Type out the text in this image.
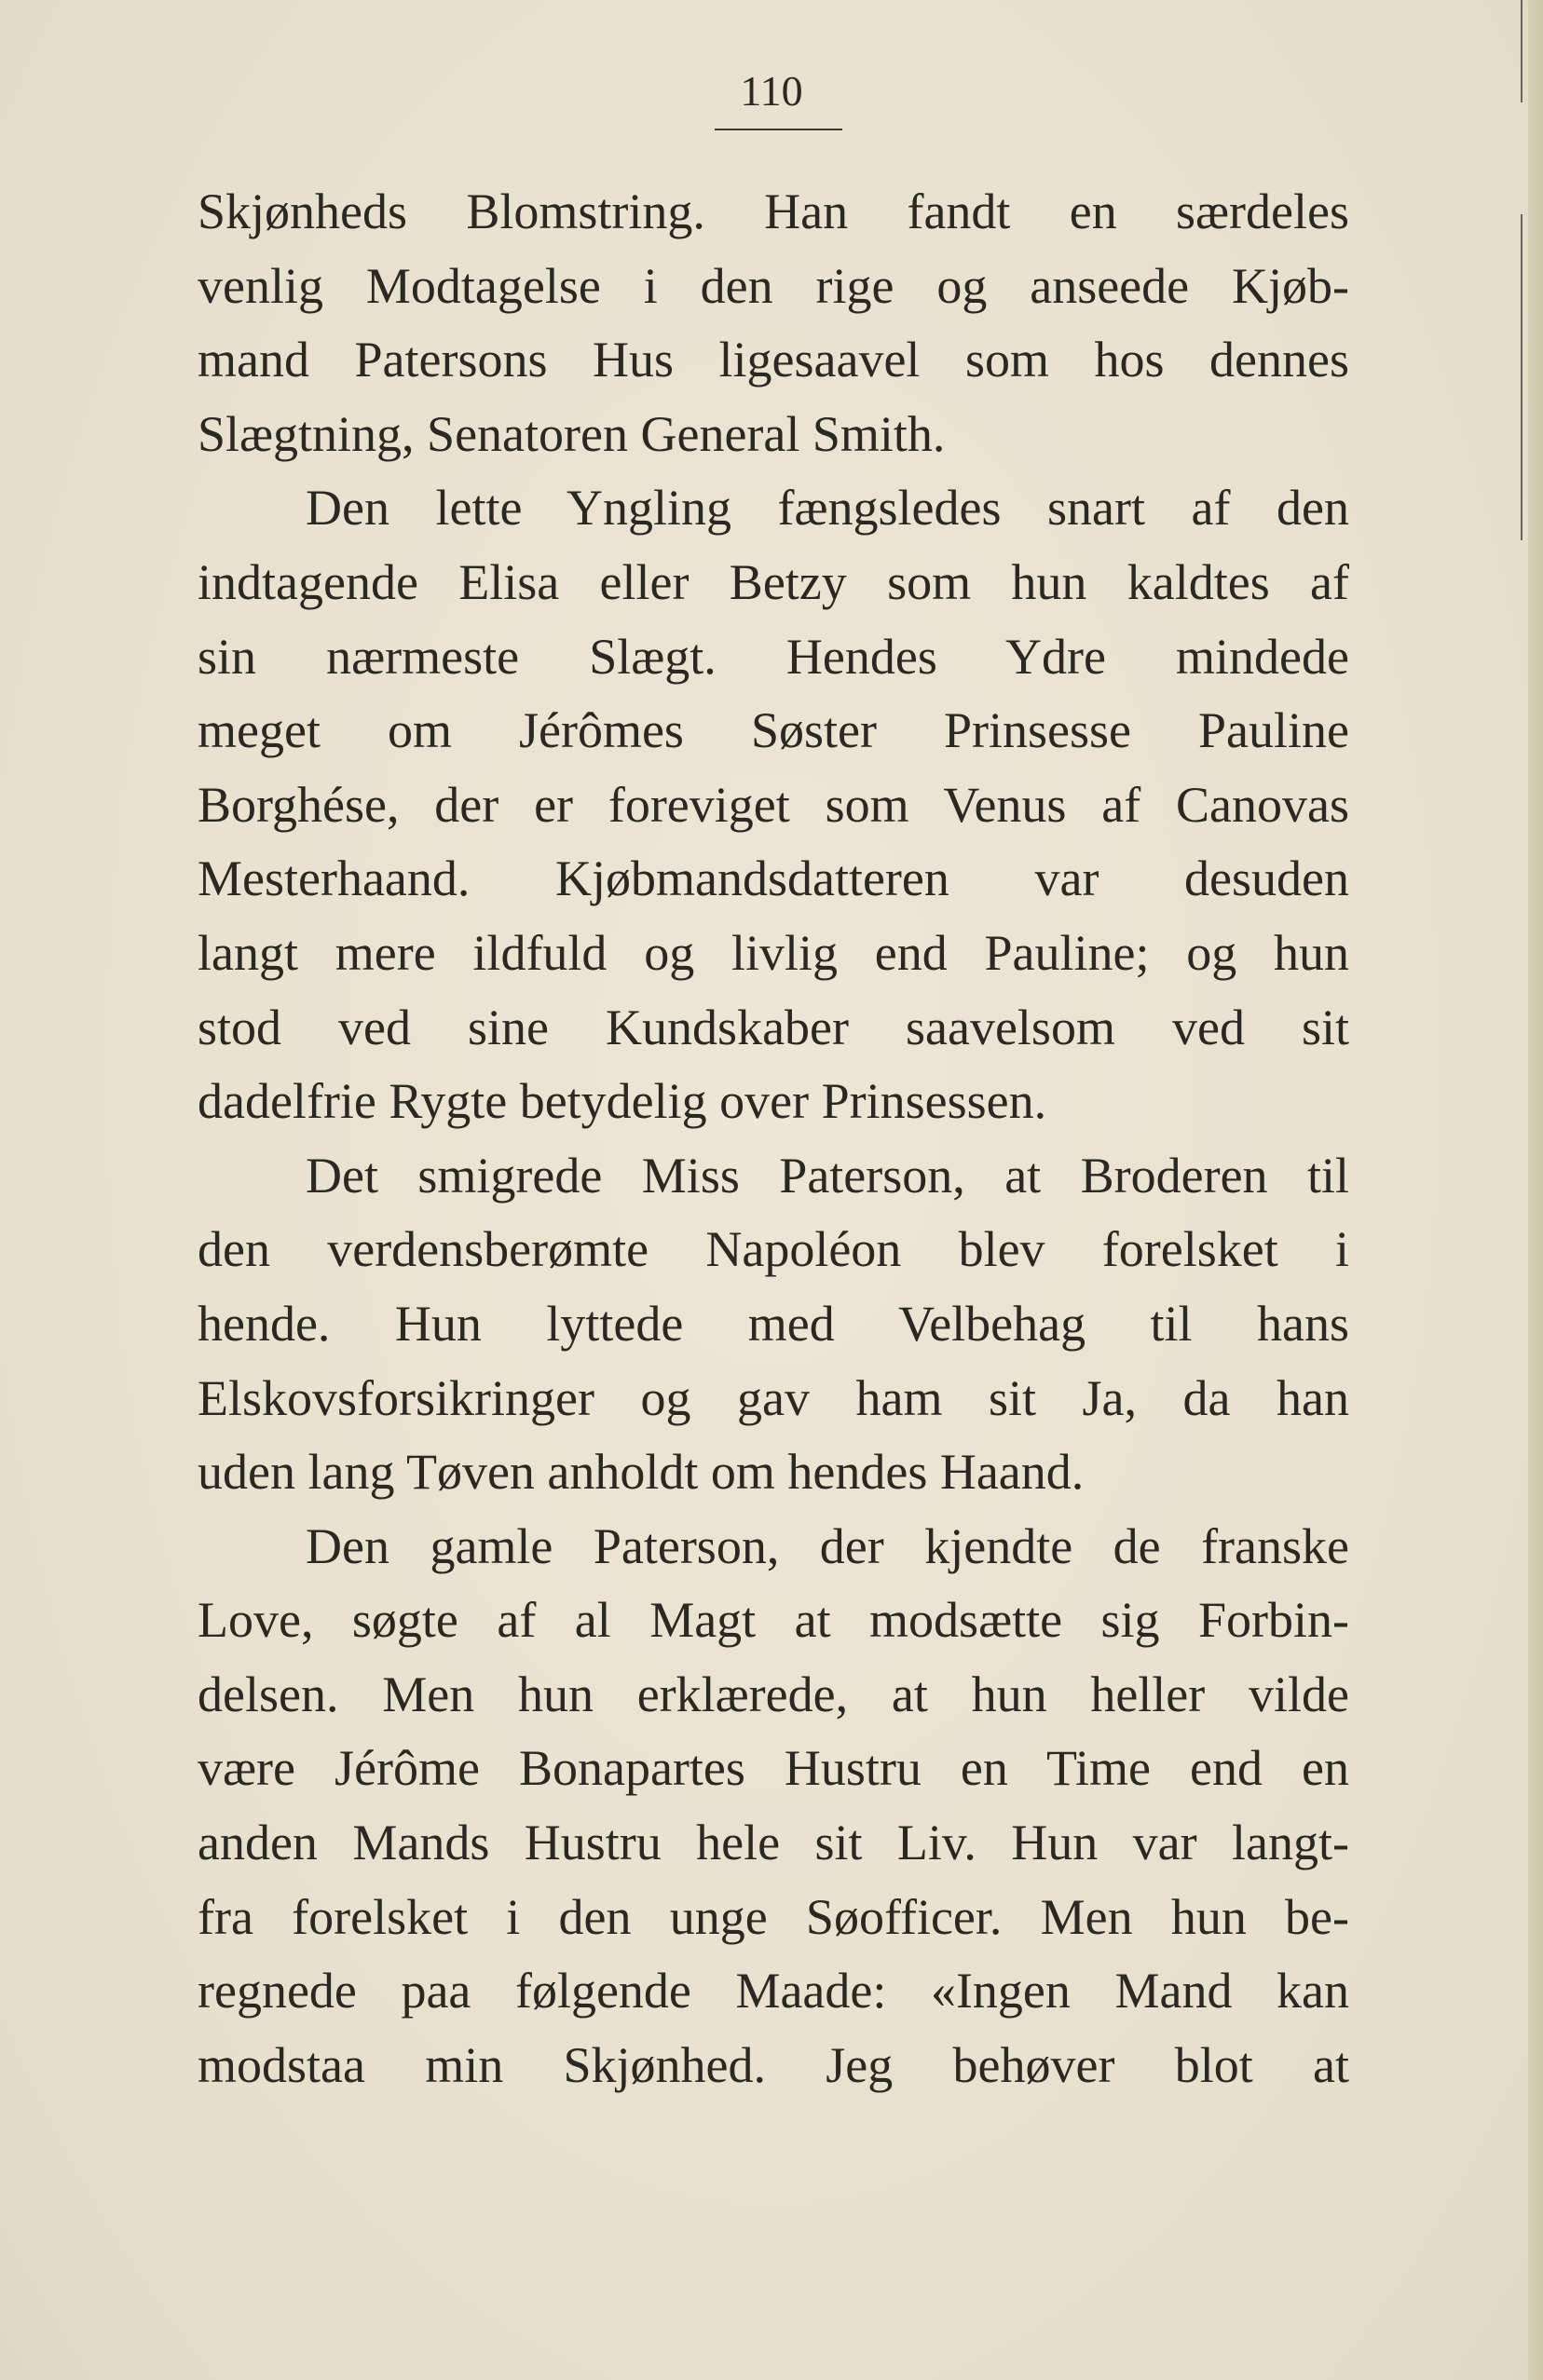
110
Skjønheds Blomstring. Han fandt en særdeles
venlig Modtagelse i den rige og anseede Kjøb-
mand Patersons Hus ligesaavel som hos dennes
Slægtning, Senatoren General Smith.
Den lette Yngling fængsledes snart af den
indtagende Elisa eller Betzy som hun kaldtes af
sin nærmeste Slægt. Hendes Ydre mindede
meget om Jérômes Søster Prinsesse Pauline
Borghése, der er foreviget som Venus af Canovas
Mesterhaand. Kjøbmandsdatteren var desuden
langt mere ildfuld og livlig end Pauline; og hun
stod ved sine Kundskaber saavelsom ved sit
dadelfrie Rygte betydelig over Prinsessen.
Det smigrede Miss Paterson, at Broderen til
den verdensberømte Napoléon blev forelsket i
hende. Hun lyttede med Velbehag til hans
Elskovsforsikringer og gav ham sit Ja, da han
uden lang Tøven anholdt om hendes Haand.
Den gamle Paterson, der kjendte de franske
Love, søgte af al Magt at modsætte sig Forbin-
delsen. Men hun erklærede, at hun heller vilde
være Jérôme Bonapartes Hustru en Time end en
anden Mands Hustru hele sit Liv. Hun var langt-
fra forelsket i den unge Søofficer. Men hun be-
regnede paa følgende Maade: «Ingen Mand kan
modstaa min Skjønhed. Jeg behøver blot at
